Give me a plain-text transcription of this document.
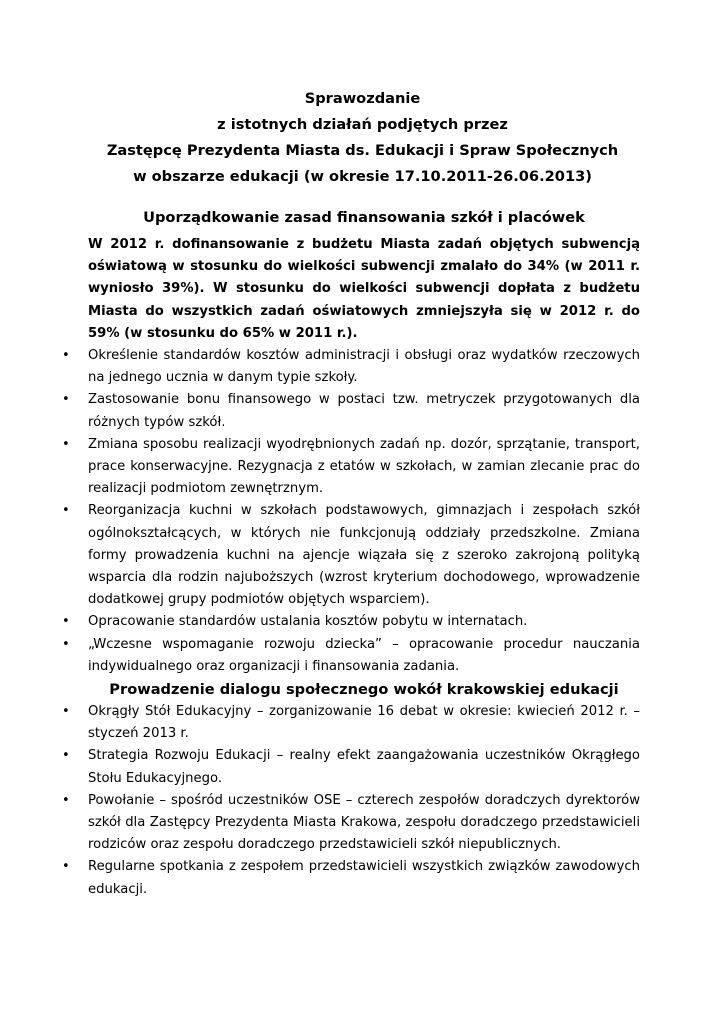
Sprawozdanie
z istotnych działań podjętych przez
Zastępcę Prezydenta Miasta ds. Edukacji i Spraw Społecznych
w obszarze edukacji (w okresie 17.10.2011-26.06.2013)
Uporządkowanie zasad finansowania szkół i placówek

W 2012 r. dofinansowanie z budżetu Miasta zadań objętych subwencją oświatową w stosunku do wielkości subwencji zmalało do 34% (w 2011 r. wyniosło 39%). W stosunku do wielkości subwencji dopłata z budżetu Miasta do wszystkich zadań oświatowych zmniejszyła się w 2012 r. do 59% (w stosunku do 65% w 2011 r.).

• Określenie standardów kosztów administracji i obsługi oraz wydatków rzeczowych na jednego ucznia w danym typie szkoły.
• Zastosowanie bonu finansowego w postaci tzw. metryczek przygotowanych dla różnych typów szkół.
• Zmiana sposobu realizacji wyodrębnionych zadań np. dozór, sprzątanie, transport, prace konserwacyjne. Rezygnacja z etatów w szkołach, w zamian zlecanie prac do realizacji podmiotom zewnętrznym.
• Reorganizacja kuchni w szkołach podstawowych, gimnazjach i zespołach szkół ogólnokształcących, w których nie funkcjonują oddziały przedszkolne. Zmiana formy prowadzenia kuchni na ajencje wiązała się z szeroko zakrojoną polityką wsparcia dla rodzin najuboższych (wzrost kryterium dochodowego, wprowadzenie dodatkowej grupy podmiotów objętych wsparciem).
• Opracowanie standardów ustalania kosztów pobytu w internatach.
• „Wczesne wspomaganie rozwoju dziecka” – opracowanie procedur nauczania indywidualnego oraz organizacji i finansowania zadania.
Prowadzenie dialogu społecznego wokół krakowskiej edukacji
• Okrągły Stół Edukacyjny – zorganizowanie 16 debat w okresie: kwiecień 2012 r. – styczeń 2013 r.
• Strategia Rozwoju Edukacji – realny efekt zaangażowania uczestników Okrągłego Stołu Edukacyjnego.
• Powołanie – spośród uczestników OSE – czterech zespołów doradczych dyrektorów szkół dla Zastępcy Prezydenta Miasta Krakowa, zespołu doradczego przedstawicieli rodziców oraz zespołu doradczego przedstawicieli szkół niepublicznych.
• Regularne spotkania z zespołem przedstawicieli wszystkich związków zawodowych edukacji.
